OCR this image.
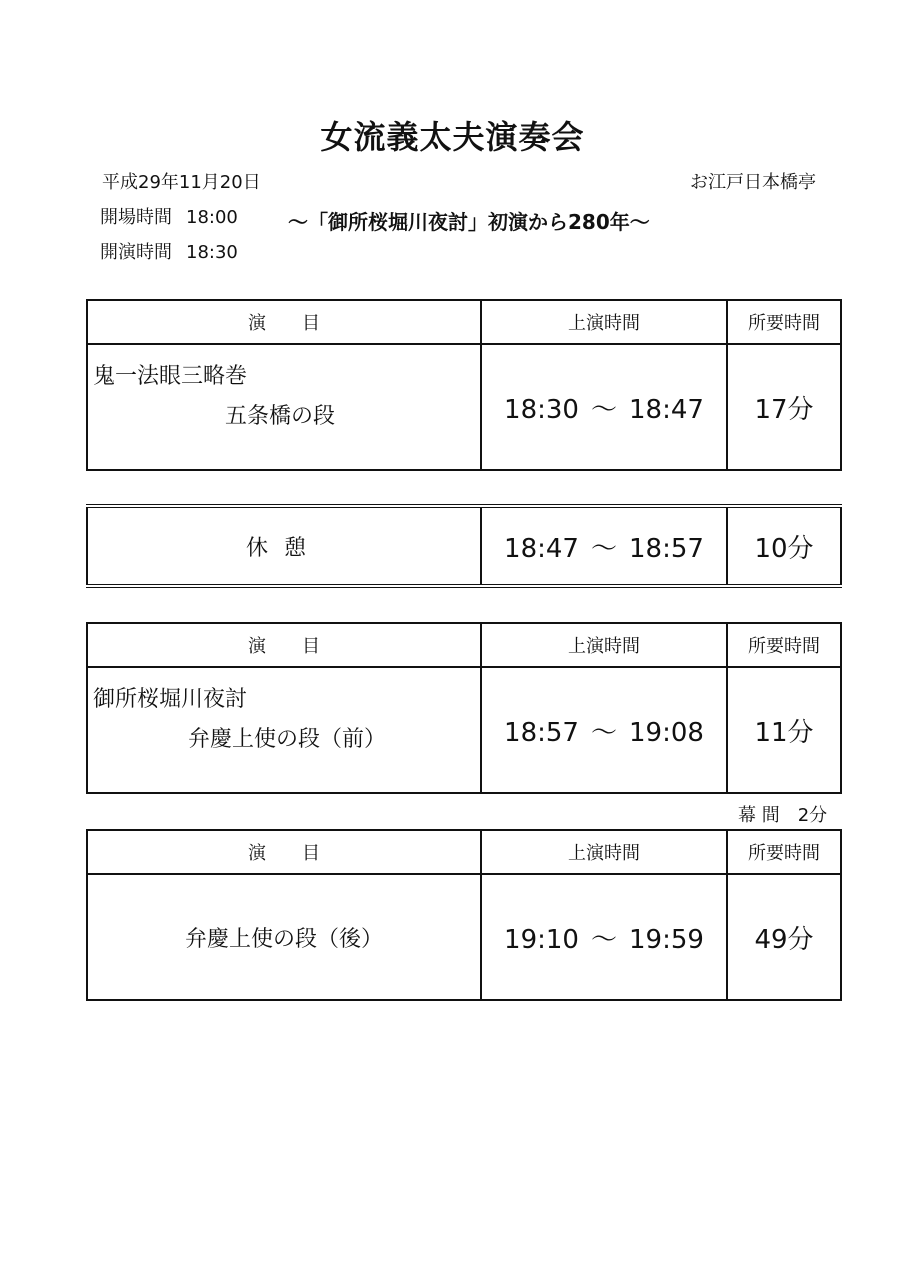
女流義太夫演奏会
平成29年11月20日	お江戸日本橋亭
開場時間 18:00
開演時間 18:30
～「御所桜堀川夜討」初演から280年～
演　　目	上演時間	所要時間

鬼一法眼三略巻
五条橋の段	18:30 ～ 18:47	17分
休憩	18:47 ～ 18:57	10分
演　　目	上演時間	所要時間

御所桜堀川夜討
弁慶上使の段（前）	18:57 ～ 19:08	11分
幕 間　2分
演　　目	上演時間	所要時間
弁慶上使の段（後）	19:10 ～ 19:59	49分
